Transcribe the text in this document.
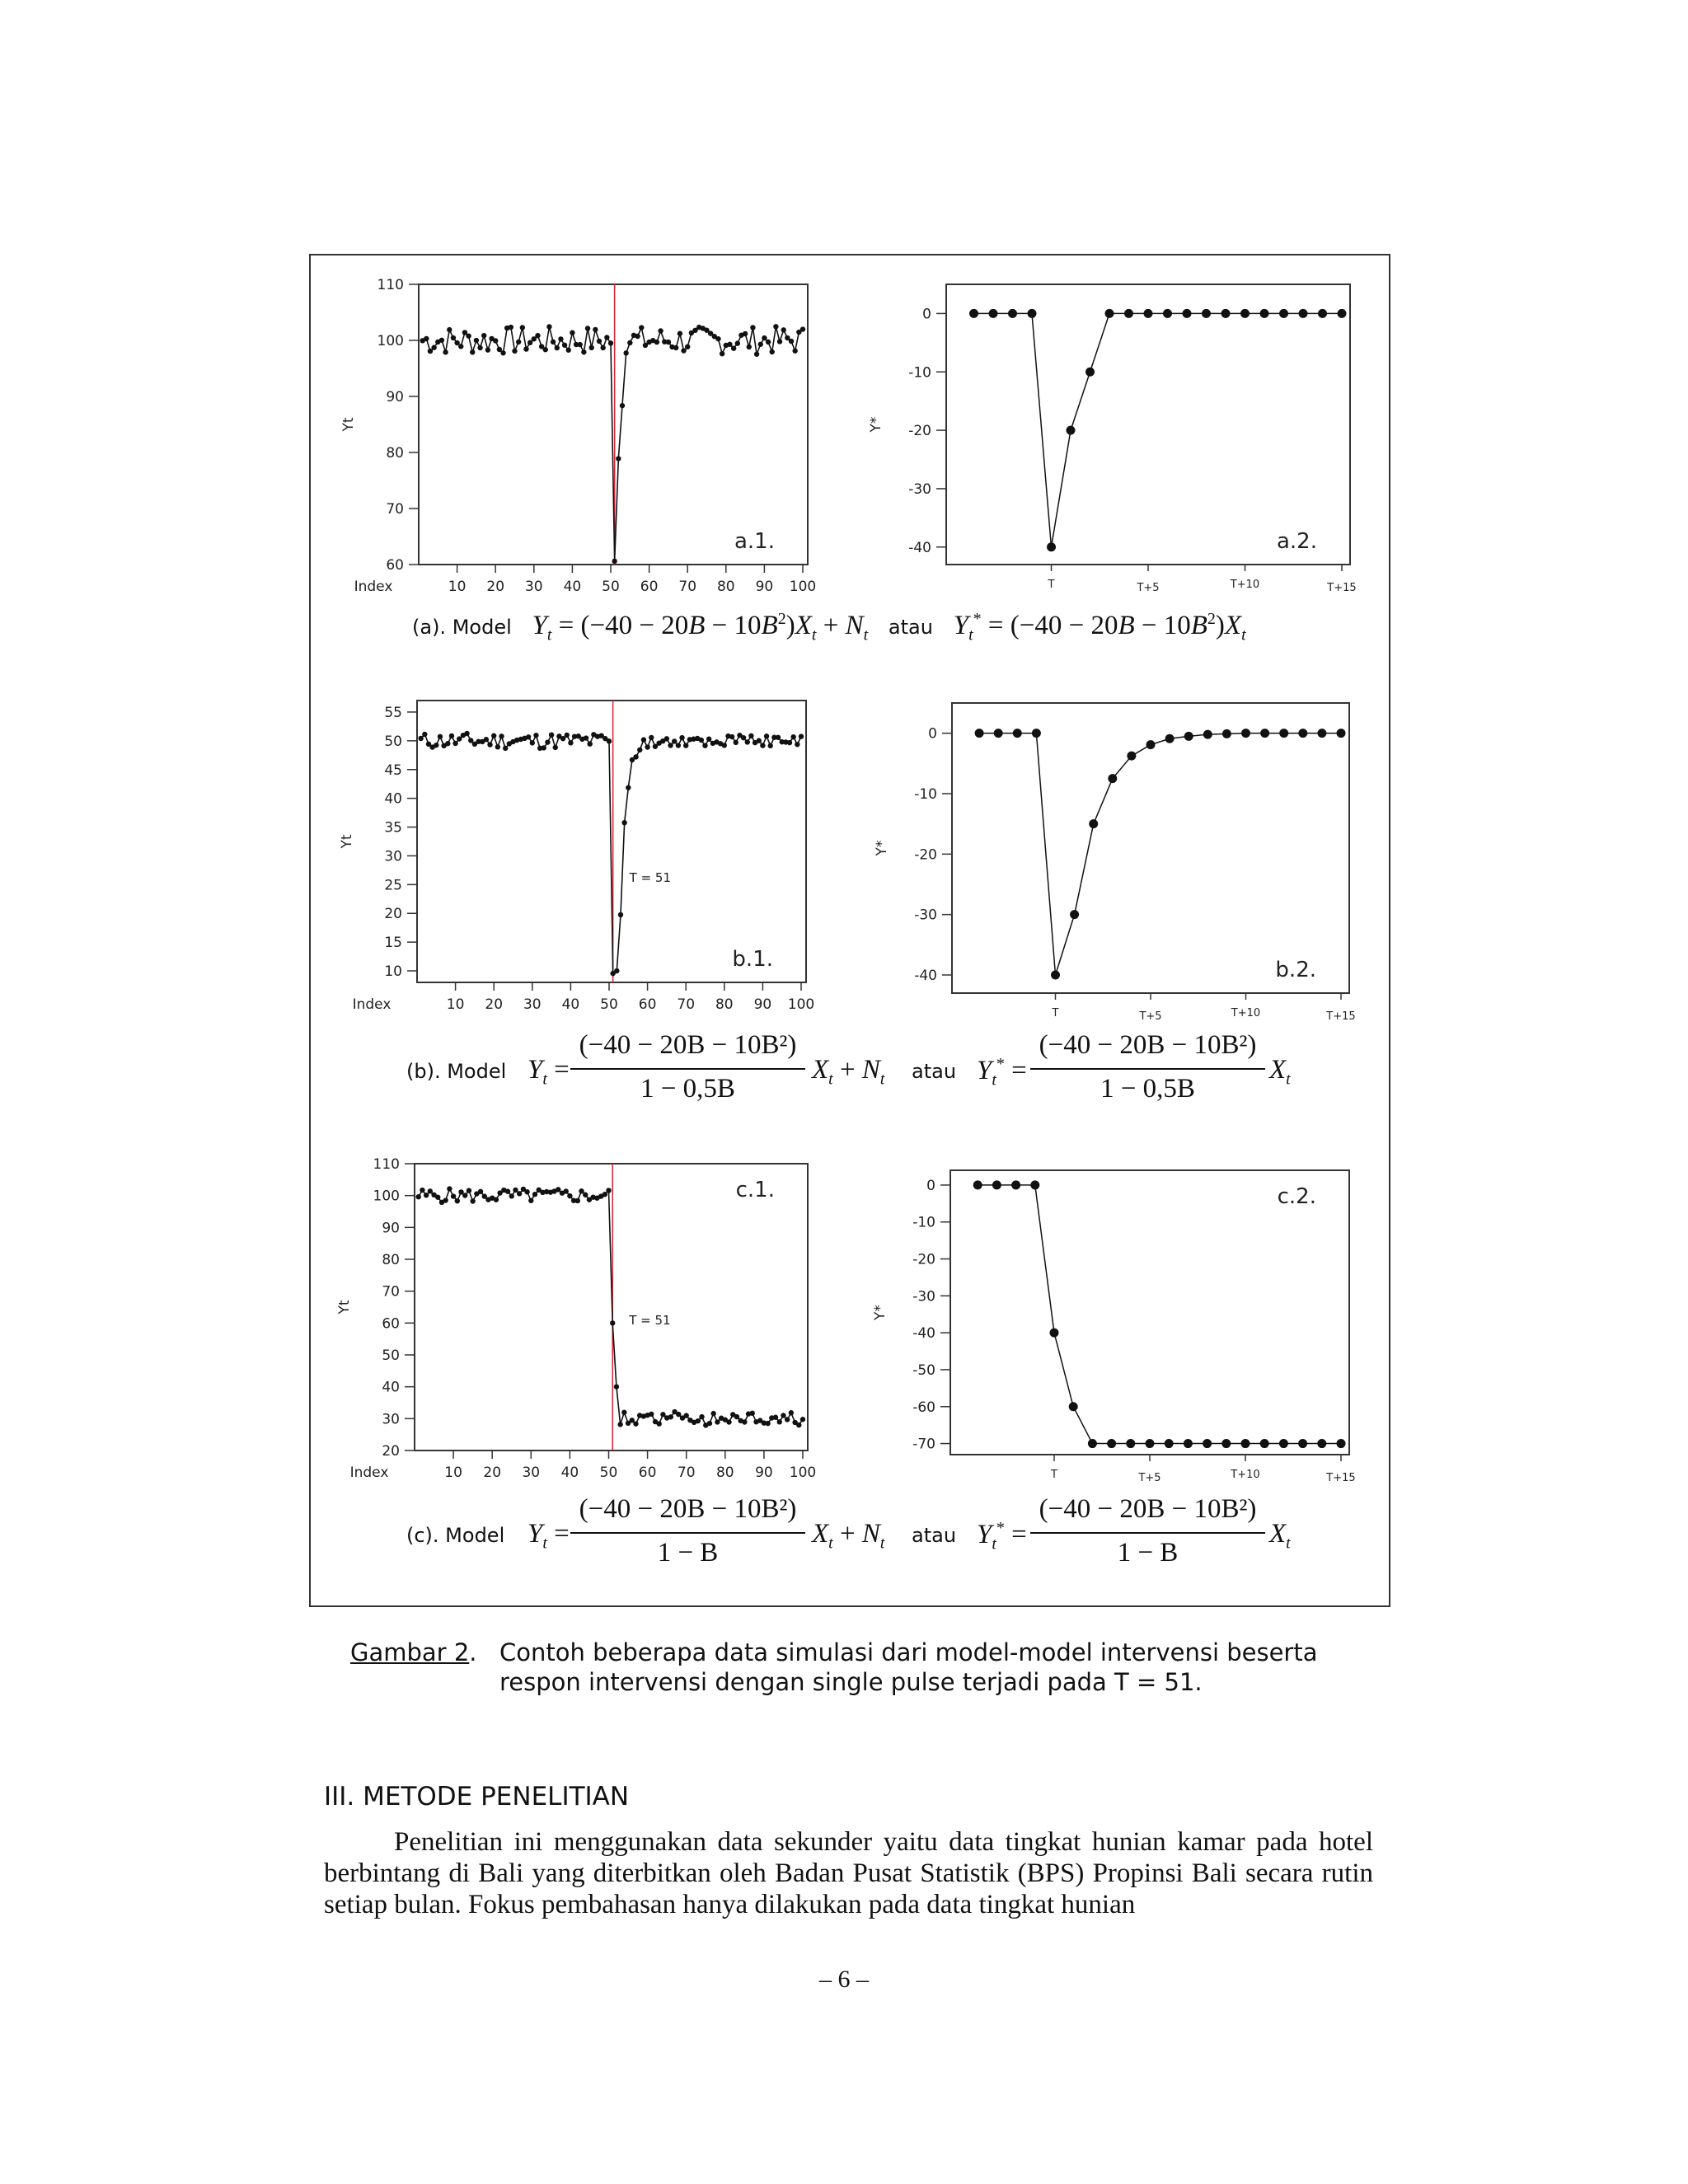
60
70
80
90
100
110
Yt
10 20 30 40 50 60 70 80 90 100
Index
a.1.
0
-10
-20
-30
-40
Y*
T	T+5	T+10	T+15
a.2.
10
15
20
25
30
35
40
45
50
55
Yt
10 20 30 40 50 60 70 80 90 100
Index
T = 51
b.1.
0
-10
-20
-30
-40
Y*
T	T+5	T+10	T+15
b.2.
20
30
40
50
60
70
80
90
100
110
Yt
10 20 30 40 50 60 70 80 90 100
Index
T = 51
c.1.	0
-10
-20
-30
-40
-50
-60
-70
Y*
T	T+5	T+10	T+15
c.2.
(a). Model $Y_t = (-40 - 20B - 10B^2)X_t + N_t$ atau $Y_t^* = (-40 - 20B - 10B^2)X_t$
(b). Model $Y_t$ =
(−40 − 20B − 10B²)
1 − 0,5B
$X_t + N_t$ atau $Y_t^*$ =
(−40 − 20B − 10B²)
1 − 0,5B
$X_t$
(c). Model $Y_t$ =
(−40 − 20B − 10B²)
1 − B
$X_t + N_t$ atau $Y_t^*$ =
(−40 − 20B − 10B²)
1 − B
$X_t$
Gambar 2. Contoh beberapa data simulasi dari model-model intervensi beserta
respon intervensi dengan single pulse terjadi pada T = 51.
III. METODE PENELITIAN
Penelitian ini menggunakan data sekunder yaitu data tingkat hunian kamar pada hotel berbintang di Bali yang diterbitkan oleh Badan Pusat Statistik (BPS) Propinsi Bali secara rutin setiap bulan. Fokus pembahasan hanya dilakukan pada data tingkat hunian
– 6 –
